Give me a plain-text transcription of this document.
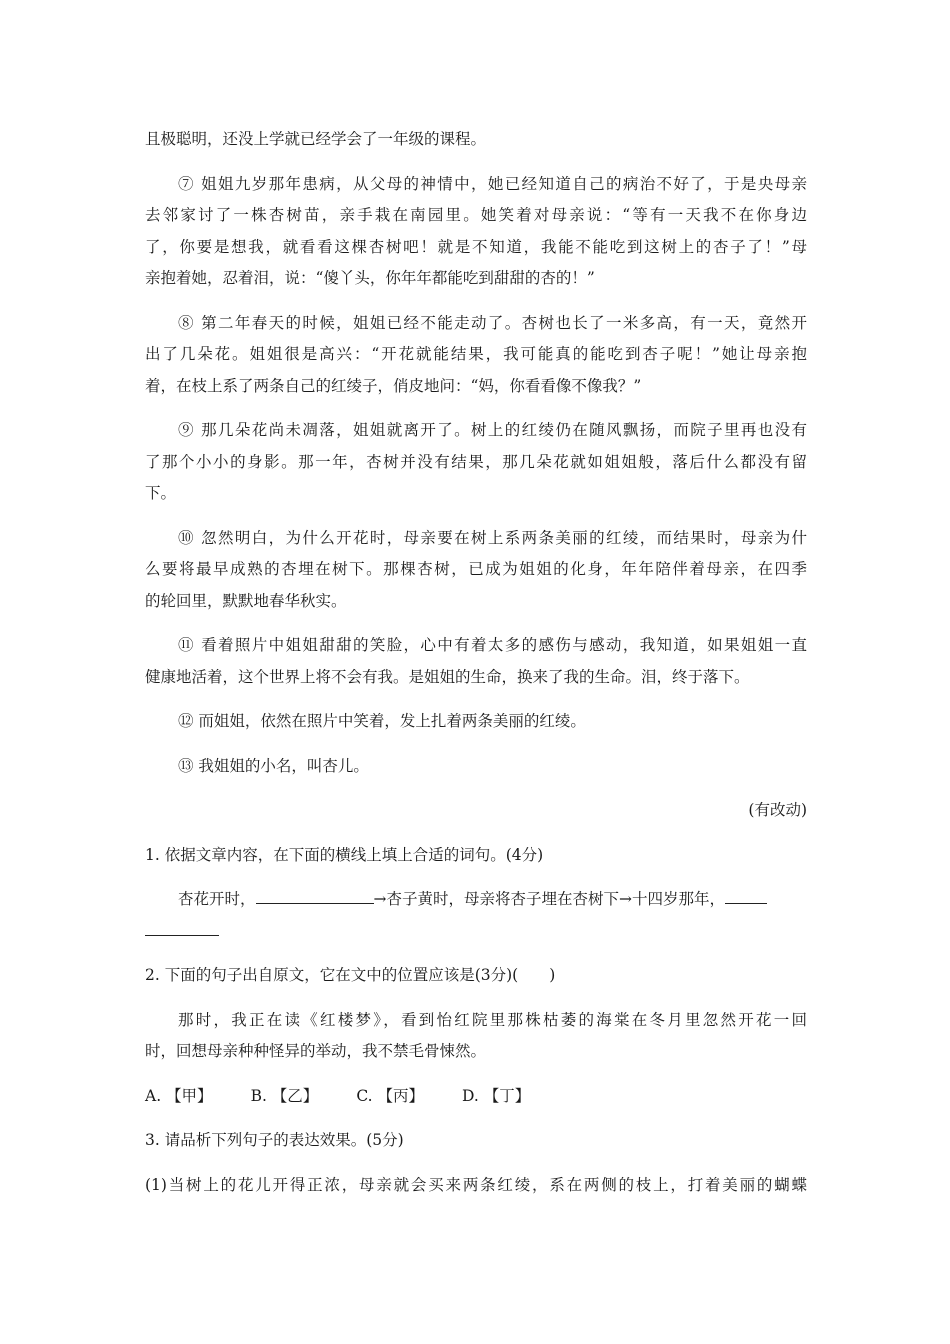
且极聪明，还没上学就已经学会了一年级的课程。
⑦ 姐姐九岁那年患病，从父母的神情中，她已经知道自己的病治不好了，于是央母亲
去邻家讨了一株杏树苗，亲手栽在南园里。她笑着对母亲说：“等有一天我不在你身边
了，你要是想我，就看看这棵杏树吧！就是不知道，我能不能吃到这树上的杏子了！”母
亲抱着她，忍着泪，说：“傻丫头，你年年都能吃到甜甜的杏的！”
⑧ 第二年春天的时候，姐姐已经不能走动了。杏树也长了一米多高，有一天，竟然开
出了几朵花。姐姐很是高兴：“开花就能结果，我可能真的能吃到杏子呢！”她让母亲抱
着，在枝上系了两条自己的红绫子，俏皮地问：“妈，你看看像不像我？”
⑨ 那几朵花尚未凋落，姐姐就离开了。树上的红绫仍在随风飘扬，而院子里再也没有
了那个小小的身影。那一年，杏树并没有结果，那几朵花就如姐姐般，落后什么都没有留
下。
⑩ 忽然明白，为什么开花时，母亲要在树上系两条美丽的红绫，而结果时，母亲为什
么要将最早成熟的杏埋在树下。那棵杏树，已成为姐姐的化身，年年陪伴着母亲，在四季
的轮回里，默默地春华秋实。
⑪ 看着照片中姐姐甜甜的笑脸，心中有着太多的感伤与感动，我知道，如果姐姐一直
健康地活着，这个世界上将不会有我。是姐姐的生命，换来了我的生命。泪，终于落下。
⑫ 而姐姐，依然在照片中笑着，发上扎着两条美丽的红绫。
⑬ 我姐姐的小名，叫杏儿。
(有改动)
1. 依据文章内容，在下面的横线上填上合适的词句。(4分)
杏花开时，	→杏子黄时，母亲将杏子埋在杏树下→十四岁那年，
2. 下面的句子出自原文，它在文中的位置应该是(3分)(　　)
那时，我正在读《红楼梦》，看到怡红院里那株枯萎的海棠在冬月里忽然开花一回
时，回想母亲种种怪异的举动，我不禁毛骨悚然。
A. 【甲】 B. 【乙】 C. 【丙】 D. 【丁】
3. 请品析下列句子的表达效果。(5分)
(1)当树上的花儿开得正浓，母亲就会买来两条红绫，系在两侧的枝上，打着美丽的蝴蝶
